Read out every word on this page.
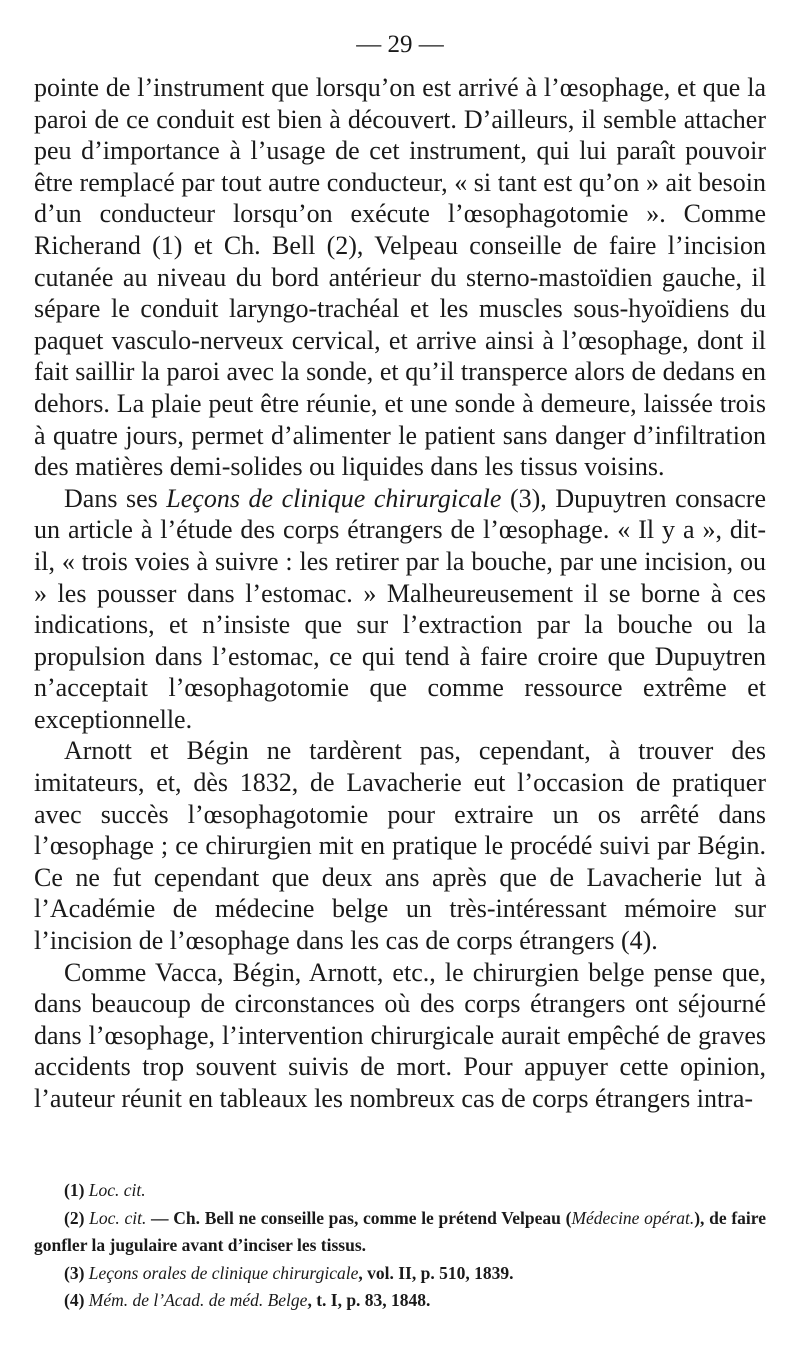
— 29 —

pointe de l’instrument que lorsqu’on est arrivé à l’œsophage, et que la paroi de ce conduit est bien à découvert. D’ailleurs, il semble attacher peu d’importance à l’usage de cet instrument, qui lui paraît pouvoir être remplacé par tout autre conducteur, « si tant est qu’on » ait besoin d’un conducteur lorsqu’on exécute l’œsophagotomie ». Comme Richerand (1) et Ch. Bell (2), Velpeau conseille de faire l’incision cutanée au niveau du bord antérieur du sterno-mastoïdien gauche, il sépare le conduit laryngo-trachéal et les muscles sous-hyoïdiens du paquet vasculo-nerveux cervical, et arrive ainsi à l’œsophage, dont il fait saillir la paroi avec la sonde, et qu’il transperce alors de dedans en dehors. La plaie peut être réunie, et une sonde à demeure, laissée trois à quatre jours, permet d’alimenter le patient sans danger d’infiltration des matières demi-solides ou liquides dans les tissus voisins.

Dans ses Leçons de clinique chirurgicale (3), Dupuytren consacre un article à l’étude des corps étrangers de l’œsophage. « Il y a », dit-il, « trois voies à suivre : les retirer par la bouche, par une incision, ou » les pousser dans l’estomac. » Malheureusement il se borne à ces indications, et n’insiste que sur l’extraction par la bouche ou la propulsion dans l’estomac, ce qui tend à faire croire que Dupuytren n’acceptait l’œsophagotomie que comme ressource extrême et exceptionnelle.

Arnott et Bégin ne tardèrent pas, cependant, à trouver des imitateurs, et, dès 1832, de Lavacherie eut l’occasion de pratiquer avec succès l’œsophagotomie pour extraire un os arrêté dans l’œsophage ; ce chirurgien mit en pratique le procédé suivi par Bégin. Ce ne fut cependant que deux ans après que de Lavacherie lut à l’Académie de médecine belge un très-intéressant mémoire sur l’incision de l’œsophage dans les cas de corps étrangers (4).

Comme Vacca, Bégin, Arnott, etc., le chirurgien belge pense que, dans beaucoup de circonstances où des corps étrangers ont séjourné dans l’œsophage, l’intervention chirurgicale aurait empêché de graves accidents trop souvent suivis de mort. Pour appuyer cette opinion, l’auteur réunit en tableaux les nombreux cas de corps étrangers intra-

(1) Loc. cit.

(2) Loc. cit. — Ch. Bell ne conseille pas, comme le prétend Velpeau (Médecine opérat.), de faire gonfler la jugulaire avant d’inciser les tissus.

(3) Leçons orales de clinique chirurgicale, vol. II, p. 510, 1839.

(4) Mém. de l’Acad. de méd. Belge, t. I, p. 83, 1848.
